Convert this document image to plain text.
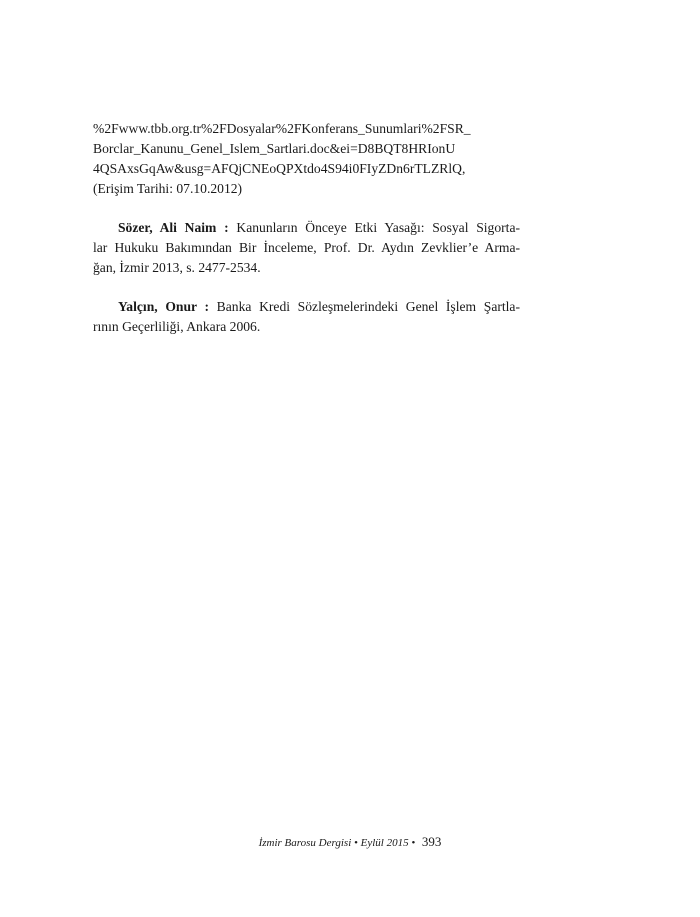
%2Fwww.tbb.org.tr%2FDosyalar%2FKonferans_Sunumlari%2FSR_
Borclar_Kanunu_Genel_Islem_Sartlari.doc&ei=D8BQT8HRIonU
4QSAxsGqAw&usg=AFQjCNEoQPXtdo4S94i0FIyZDn6rTLZRlQ,
(Erişim Tarihi: 07.10.2012)
Sözer, Ali Naim : Kanunların Önceye Etki Yasağı: Sosyal Sigorta-
lar Hukuku Bakımından Bir İnceleme, Prof. Dr. Aydın Zevklier’e Arma-
ğan, İzmir 2013, s. 2477-2534.
Yalçın, Onur : Banka Kredi Sözleşmelerindeki Genel İşlem Şartla-
rının Geçerliliği, Ankara 2006.
İzmir Barosu Dergisi • Eylül 2015 • 393
